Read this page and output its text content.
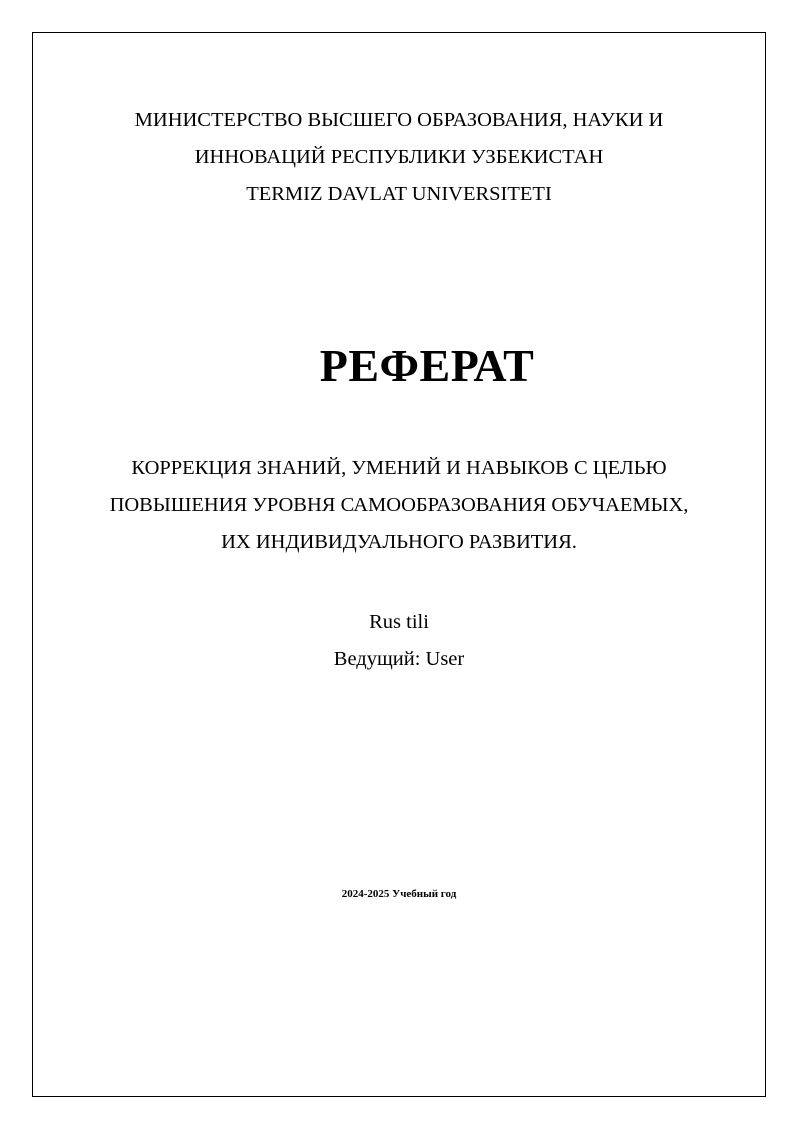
МИНИСТЕРСТВО ВЫСШЕГО ОБРАЗОВАНИЯ, НАУКИ И
ИННОВАЦИЙ РЕСПУБЛИКИ УЗБЕКИСТАН
TERMIZ DAVLAT UNIVERSITETI
РЕФЕРАТ
КОРРЕКЦИЯ ЗНАНИЙ, УМЕНИЙ И НАВЫКОВ С ЦЕЛЬЮ
ПОВЫШЕНИЯ УРОВНЯ САМООБРАЗОВАНИЯ ОБУЧАЕМЫХ,
ИХ ИНДИВИДУАЛЬНОГО РАЗВИТИЯ.
Rus tili
Ведущий: User
2024-2025 Учебный год
